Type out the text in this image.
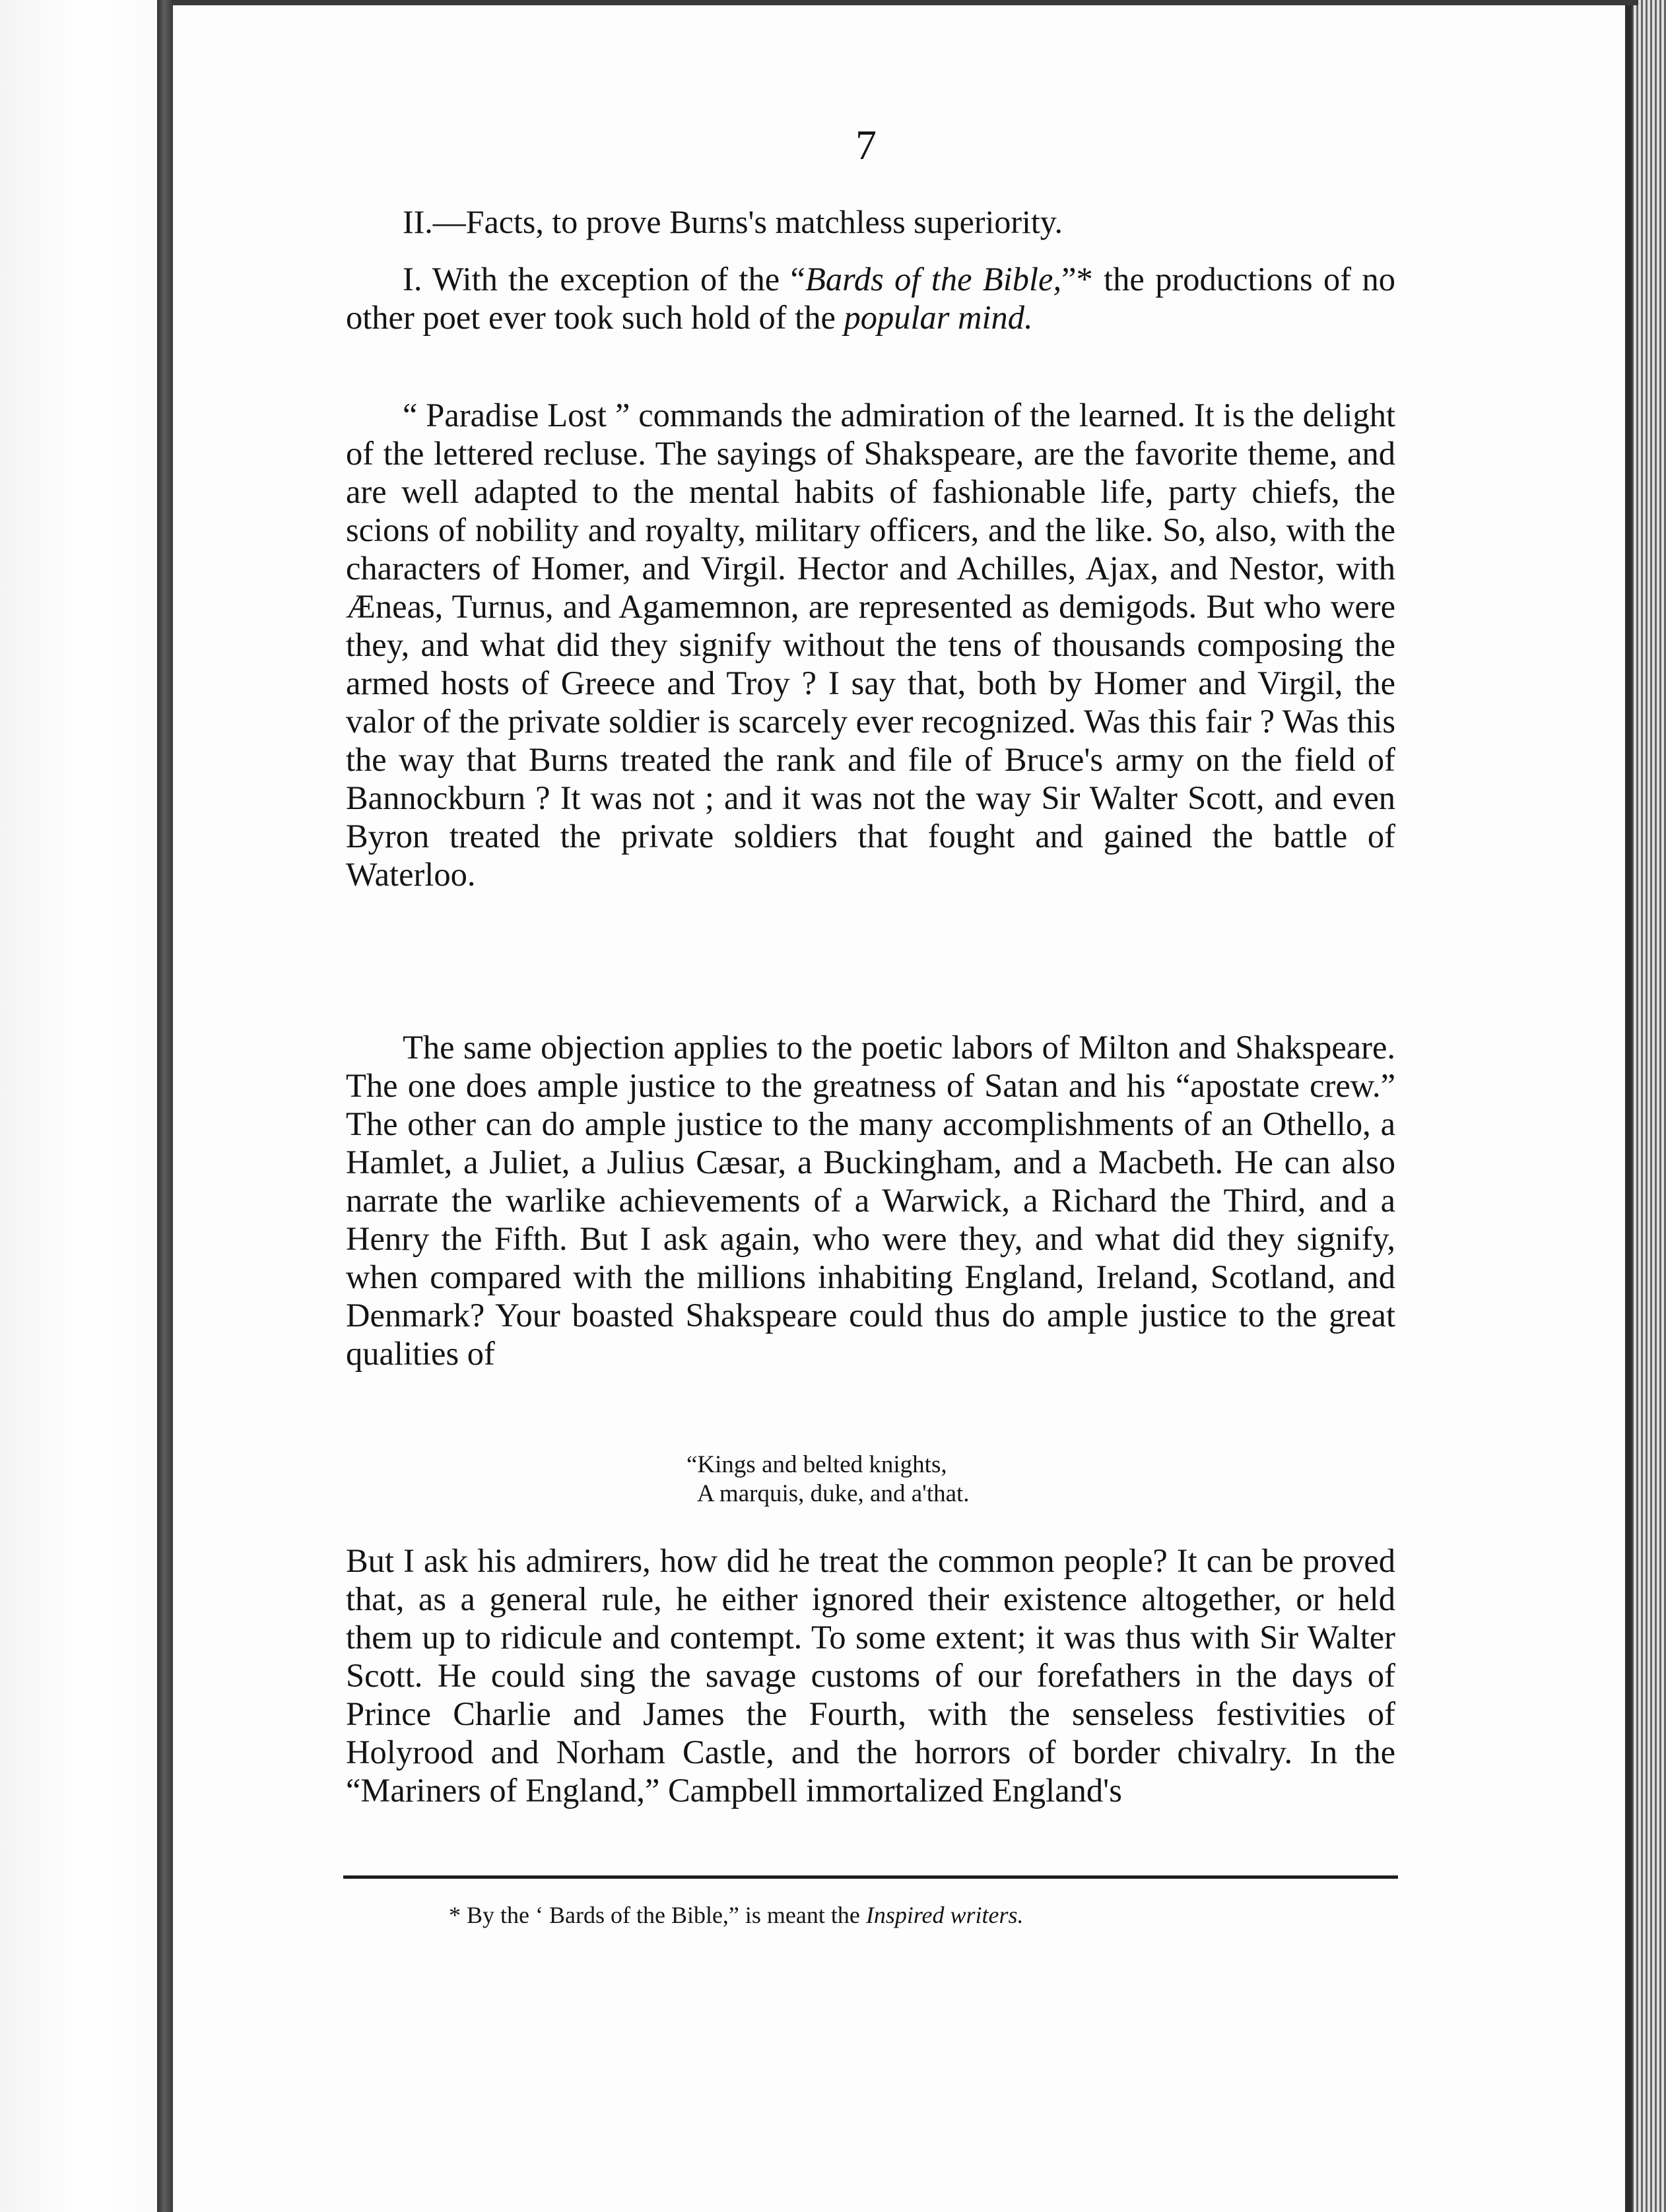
7
II.—Facts, to prove Burns's matchless superiority.
I. With the exception of the “Bards of the Bible,”* the productions of no other poet ever took such hold of the popular mind.
“ Paradise Lost ” commands the admiration of the learned. It is the delight of the lettered recluse. The sayings of Shakspeare, are the favorite theme, and are well adapted to the mental habits of fashionable life, party chiefs, the scions of nobility and royalty, military officers, and the like. So, also, with the characters of Homer, and Virgil. Hector and Achilles, Ajax, and Nestor, with Æneas, Turnus, and Agamemnon, are represented as demigods. But who were they, and what did they signify without the tens of thousands composing the armed hosts of Greece and Troy ? I say that, both by Homer and Virgil, the valor of the private soldier is scarcely ever recognized. Was this fair ? Was this the way that Burns treated the rank and file of Bruce's army on the field of Bannockburn ? It was not ; and it was not the way Sir Walter Scott, and even Byron treated the private soldiers that fought and gained the battle of Waterloo.
The same objection applies to the poetic labors of Milton and Shakspeare. The one does ample justice to the greatness of Satan and his “apostate crew.” The other can do ample justice to the many accomplishments of an Othello, a Hamlet, a Juliet, a Julius Cæsar, a Buckingham, and a Macbeth. He can also narrate the warlike achievements of a Warwick, a Richard the Third, and a Henry the Fifth. But I ask again, who were they, and what did they signify, when compared with the millions inhabiting England, Ireland, Scotland, and Denmark? Your boasted Shakspeare could thus do ample justice to the great qualities of
“Kings and belted knights,
A marquis, duke, and a'that.
But I ask his admirers, how did he treat the common people? It can be proved that, as a general rule, he either ignored their existence altogether, or held them up to ridicule and contempt. To some extent; it was thus with Sir Walter Scott. He could sing the savage customs of our forefathers in the days of Prince Charlie and James the Fourth, with the senseless festivities of Holyrood and Norham Castle, and the horrors of border chivalry. In the “Mariners of England,” Campbell immortalized England's
* By the ‘ Bards of the Bible,” is meant the Inspired writers.
